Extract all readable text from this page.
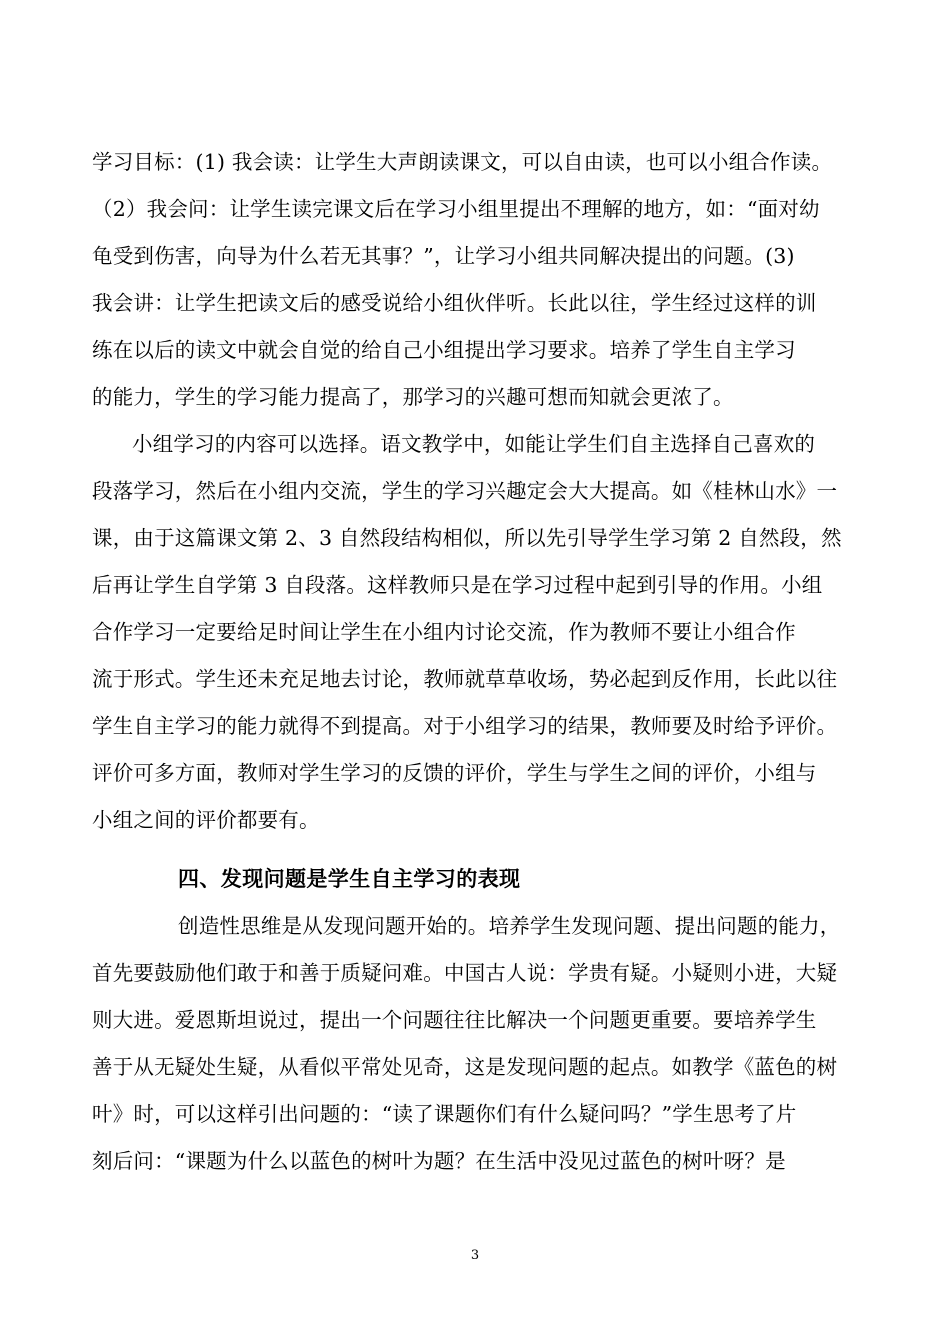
学习目标：(1) 我会读：让学生大声朗读课文，可以自由读，也可以小组合作读。
（2）我会问：让学生读完课文后在学习小组里提出不理解的地方，如：“面对幼
龟受到伤害，向导为什么若无其事？”，让学习小组共同解决提出的问题。(3)
我会讲：让学生把读文后的感受说给小组伙伴听。长此以往，学生经过这样的训
练在以后的读文中就会自觉的给自己小组提出学习要求。培养了学生自主学习
的能力，学生的学习能力提高了，那学习的兴趣可想而知就会更浓了。
小组学习的内容可以选择。语文教学中，如能让学生们自主选择自己喜欢的
段落学习，然后在小组内交流，学生的学习兴趣定会大大提高。如《桂林山水》一
课，由于这篇课文第 2、3 自然段结构相似，所以先引导学生学习第 2 自然段，然
后再让学生自学第 3 自段落。这样教师只是在学习过程中起到引导的作用。小组
合作学习一定要给足时间让学生在小组内讨论交流，作为教师不要让小组合作
流于形式。学生还未充足地去讨论，教师就草草收场，势必起到反作用，长此以往
学生自主学习的能力就得不到提高。对于小组学习的结果，教师要及时给予评价。
评价可多方面，教师对学生学习的反馈的评价，学生与学生之间的评价，小组与
小组之间的评价都要有。
四、发现问题是学生自主学习的表现
创造性思维是从发现问题开始的。培养学生发现问题、提出问题的能力，
首先要鼓励他们敢于和善于质疑问难。中国古人说：学贵有疑。小疑则小进，大疑
则大进。爱恩斯坦说过，提出一个问题往往比解决一个问题更重要。要培养学生
善于从无疑处生疑，从看似平常处见奇，这是发现问题的起点。如教学《蓝色的树
叶》时，可以这样引出问题的：“读了课题你们有什么疑问吗？”学生思考了片
刻后问：“课题为什么以蓝色的树叶为题？在生活中没见过蓝色的树叶呀？是
3
